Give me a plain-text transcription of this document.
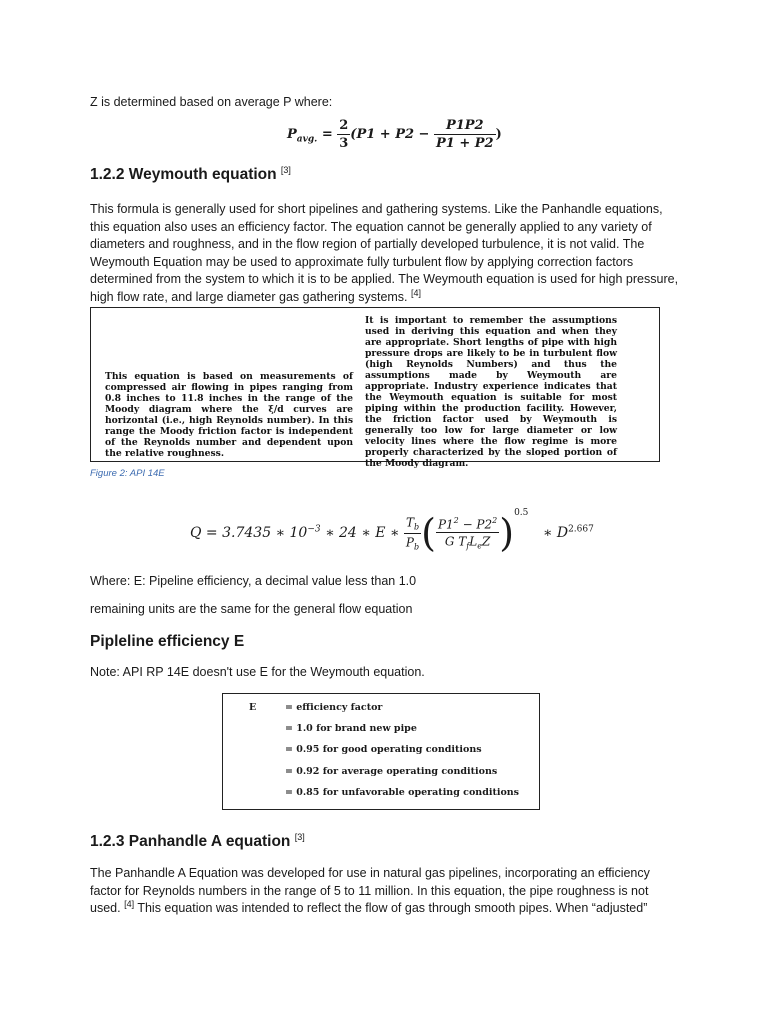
Z is determined based on average P where:

$P_{avg.} = \frac{2}{3} (P1 + P2 - \frac{P1P2}{P1 + P2}$ )
1.2.2 Weymouth equation [3]

This formula is generally used for short pipelines and gathering systems. Like the Panhandle equations, this equation also uses an efficiency factor. The equation cannot be generally applied to any variety of diameters and roughness, and in the flow region of partially developed turbulence, it is not valid. The Weymouth Equation may be used to approximate fully turbulent flow by applying correction factors determined from the system to which it is to be applied. The Weymouth equation is used for high pressure, high flow rate, and large diameter gas gathering systems. [4]

This equation is based on measurements of compressed air flowing in pipes ranging from 0.8 inches to 11.8 inches in the range of the Moody diagram where the ξ/d curves are horizontal (i.e., high Reynolds number). In this range the Moody friction factor is independent of the Reynolds number and dependent upon the relative roughness.
It is important to remember the assumptions used in deriving this equation and when they are appropriate. Short lengths of pipe with high pressure drops are likely to be in turbulent flow (high Reynolds Numbers) and thus the assumptions made by Weymouth are appropriate. Industry experience indicates that the Weymouth equation is suitable for most piping within the production facility. However, the friction factor used by Weymouth is generally too low for large diameter or low velocity lines where the flow regime is more properly characterized by the sloped portion of the Moody diagram.

Figure 2: API 14E

Q = 3.7435 ∗ $10^{-3}$ ∗ 24 ∗ E ∗ $\frac{T_b}{P_b}$ ( $\frac{P1^2 - P2^2}{G T_fL_eZ} )^{0.5}$ ∗ $D^{2.667}$

Where: E: Pipeline efficiency, a decimal value less than 1.0

remaining units are the same for the general flow equation

Pipleline efficiency E

Note: API RP 14E doesn't use E for the Weymouth equation.

E	= efficiency factor
= 1.0 for brand new pipe
= 0.95 for good operating conditions
= 0.92 for average operating conditions
= 0.85 for unfavorable operating conditions
1.2.3 Panhandle A equation [3]

The Panhandle A Equation was developed for use in natural gas pipelines, incorporating an efficiency factor for Reynolds numbers in the range of 5 to 11 million. In this equation, the pipe roughness is not used. [4] This equation was intended to reflect the flow of gas through smooth pipes. When “adjusted”
